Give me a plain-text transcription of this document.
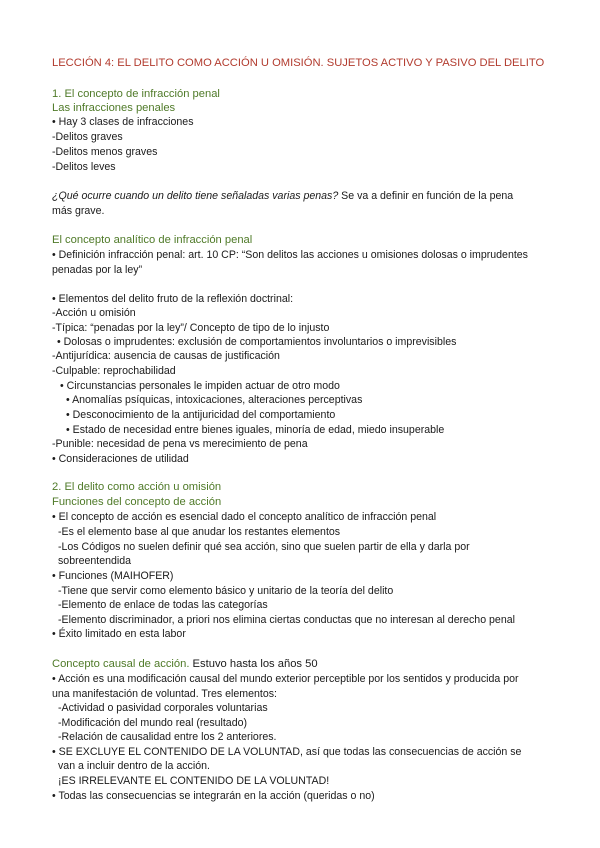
LECCIÓN 4: EL DELITO COMO ACCIÓN U OMISIÓN. SUJETOS ACTIVO Y PASIVO DEL DELITO
1. El concepto de infracción penal
Las infracciones penales
• Hay 3 clases de infracciones
-Delitos graves
-Delitos menos graves
-Delitos leves
¿Qué ocurre cuando un delito tiene señaladas varias penas? Se va a definir en función de la pena
más grave.
El concepto analítico de infracción penal
• Definición infracción penal: art. 10 CP: “Son delitos las acciones u omisiones dolosas o imprudentes
penadas por la ley”
• Elementos del delito fruto de la reflexión doctrinal:
-Acción u omisión
-Típica: “penadas por la ley”/ Concepto de tipo de lo injusto
• Dolosas o imprudentes: exclusión de comportamientos involuntarios o imprevisibles
-Antijurídica: ausencia de causas de justificación
-Culpable: reprochabilidad
• Circunstancias personales le impiden actuar de otro modo
• Anomalías psíquicas, intoxicaciones, alteraciones perceptivas
• Desconocimiento de la antijuricidad del comportamiento
• Estado de necesidad entre bienes iguales, minoría de edad, miedo insuperable
-Punible: necesidad de pena vs merecimiento de pena
• Consideraciones de utilidad
2. El delito como acción u omisión
Funciones del concepto de acción
• El concepto de acción es esencial dado el concepto analítico de infracción penal
-Es el elemento base al que anudar los restantes elementos
-Los Códigos no suelen definir qué sea acción, sino que suelen partir de ella y darla por
sobreentendida
• Funciones (MAIHOFER)
-Tiene que servir como elemento básico y unitario de la teoría del delito
-Elemento de enlace de todas las categorías
-Elemento discriminador, a priori nos elimina ciertas conductas que no interesan al derecho penal
• Éxito limitado en esta labor
Concepto causal de acción. Estuvo hasta los años 50
• Acción es una modificación causal del mundo exterior perceptible por los sentidos y producida por
una manifestación de voluntad. Tres elementos:
-Actividad o pasividad corporales voluntarias
-Modificación del mundo real (resultado)
-Relación de causalidad entre los 2 anteriores.
• SE EXCLUYE EL CONTENIDO DE LA VOLUNTAD, así que todas las consecuencias de acción se
van a incluir dentro de la acción.
¡ES IRRELEVANTE EL CONTENIDO DE LA VOLUNTAD!
• Todas las consecuencias se integrarán en la acción (queridas o no)
